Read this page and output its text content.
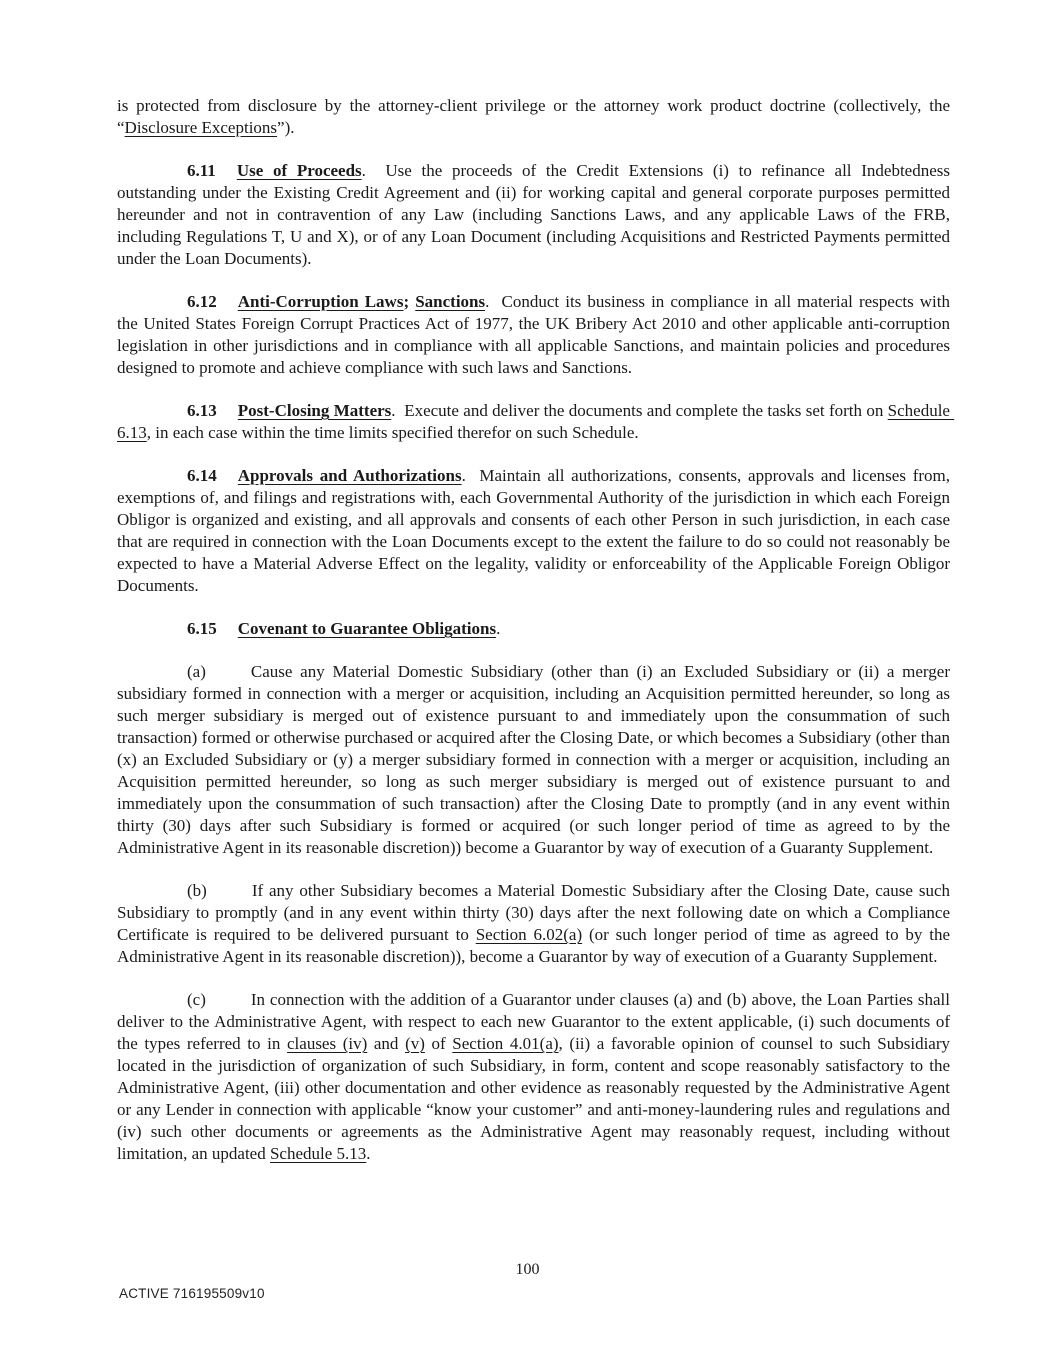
is protected from disclosure by the attorney-client privilege or the attorney work product doctrine (collectively, the “Disclosure Exceptions”).

6.11 Use of Proceeds.  Use the proceeds of the Credit Extensions (i) to refinance all Indebtedness outstanding under the Existing Credit Agreement and (ii) for working capital and general corporate purposes permitted hereunder and not in contravention of any Law (including Sanctions Laws, and any applicable Laws of the FRB, including Regulations T, U and X), or of any Loan Document (including Acquisitions and Restricted Payments permitted under the Loan Documents).

6.12 Anti-Corruption Laws; Sanctions.  Conduct its business in compliance in all material respects with the United States Foreign Corrupt Practices Act of 1977, the UK Bribery Act 2010 and other applicable anti-corruption legislation in other jurisdictions and in compliance with all applicable Sanctions, and maintain policies and procedures designed to promote and achieve compliance with such laws and Sanctions.

6.13 Post-Closing Matters.  Execute and deliver the documents and complete the tasks set forth on Schedule 6.13, in each case within the time limits specified therefor on such Schedule.

6.14 Approvals and Authorizations.  Maintain all authorizations, consents, approvals and licenses from, exemptions of, and filings and registrations with, each Governmental Authority of the jurisdiction in which each Foreign Obligor is organized and existing, and all approvals and consents of each other Person in such jurisdiction, in each case that are required in connection with the Loan Documents except to the extent the failure to do so could not reasonably be expected to have a Material Adverse Effect on the legality, validity or enforceability of the Applicable Foreign Obligor Documents.

6.15 Covenant to Guarantee Obligations.

(a)	Cause any Material Domestic Subsidiary (other than (i) an Excluded Subsidiary or (ii) a merger subsidiary formed in connection with a merger or acquisition, including an Acquisition permitted hereunder, so long as such merger subsidiary is merged out of existence pursuant to and immediately upon the consummation of such transaction) formed or otherwise purchased or acquired after the Closing Date, or which becomes a Subsidiary (other than (x) an Excluded Subsidiary or (y) a merger subsidiary formed in connection with a merger or acquisition, including an Acquisition permitted hereunder, so long as such merger subsidiary is merged out of existence pursuant to and immediately upon the consummation of such transaction) after the Closing Date to promptly (and in any event within thirty (30) days after such Subsidiary is formed or acquired (or such longer period of time as agreed to by the Administrative Agent in its reasonable discretion)) become a Guarantor by way of execution of a Guaranty Supplement.

(b)	If any other Subsidiary becomes a Material Domestic Subsidiary after the Closing Date, cause such Subsidiary to promptly (and in any event within thirty (30) days after the next following date on which a Compliance Certificate is required to be delivered pursuant to Section 6.02(a) (or such longer period of time as agreed to by the Administrative Agent in its reasonable discretion)), become a Guarantor by way of execution of a Guaranty Supplement.

(c)	In connection with the addition of a Guarantor under clauses (a) and (b) above, the Loan Parties shall deliver to the Administrative Agent, with respect to each new Guarantor to the extent applicable, (i) such documents of the types referred to in clauses (iv) and (v) of Section 4.01(a), (ii) a favorable opinion of counsel to such Subsidiary located in the jurisdiction of organization of such Subsidiary, in form, content and scope reasonably satisfactory to the Administrative Agent, (iii) other documentation and other evidence as reasonably requested by the Administrative Agent or any Lender in connection with applicable “know your customer” and anti-money-laundering rules and regulations and (iv) such other documents or agreements as the Administrative Agent may reasonably request, including without limitation, an updated Schedule 5.13.

100
ACTIVE 716195509v10
